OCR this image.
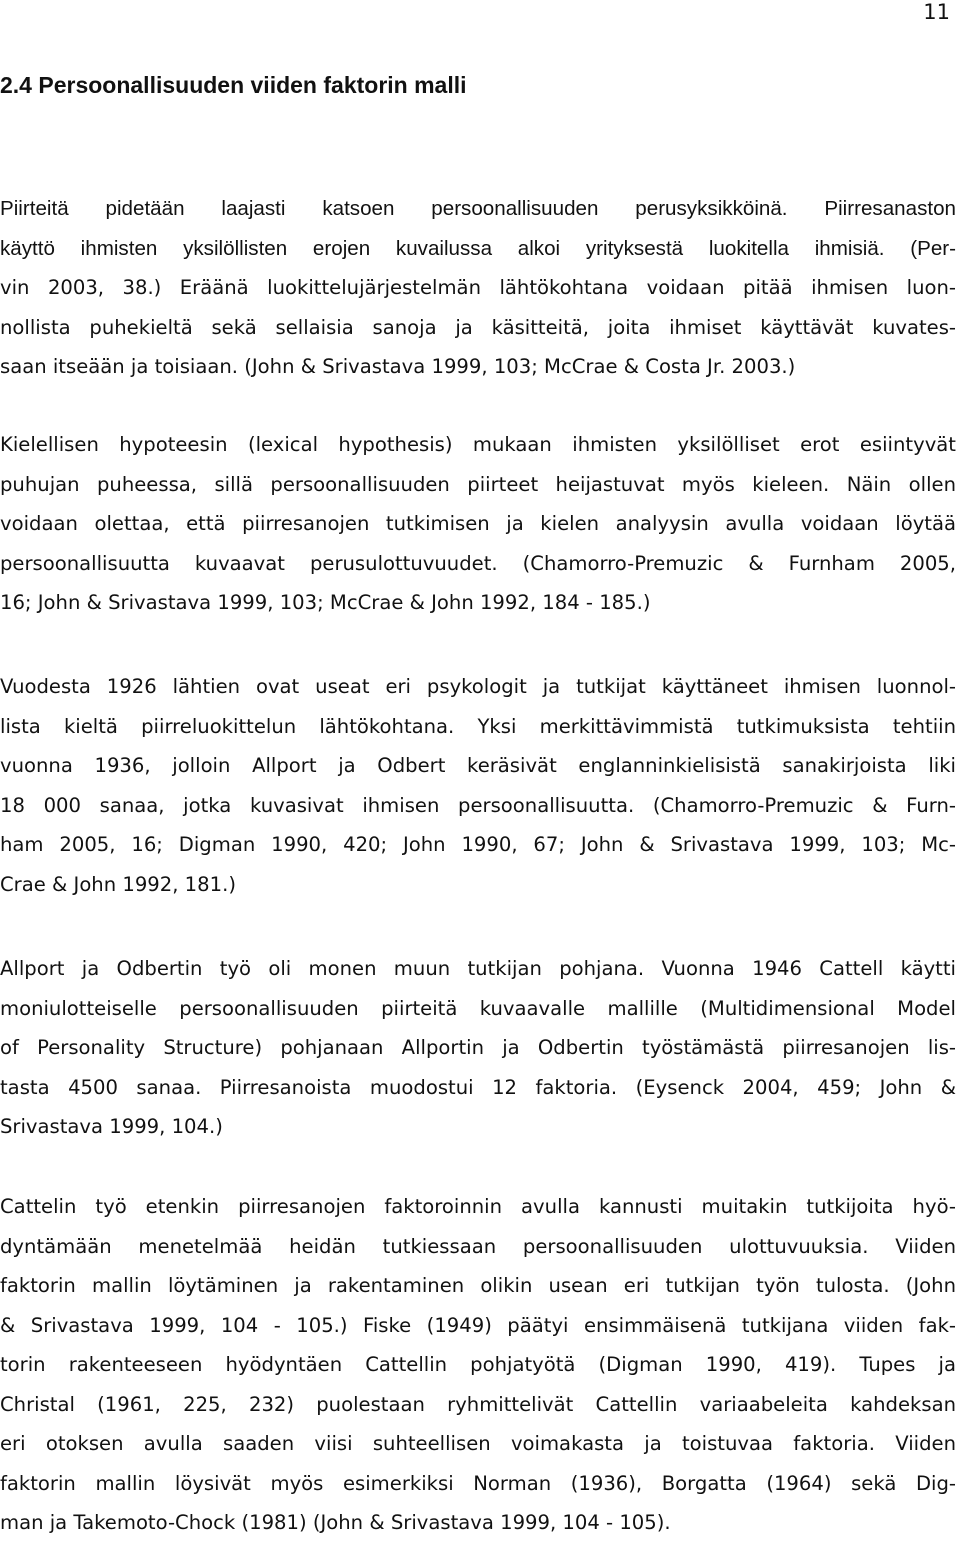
11
2.4 Persoonallisuuden viiden faktorin malli
Piirteitä pidetään laajasti katsoen persoonallisuuden perusyksikköinä. Piirresanaston
käyttö ihmisten yksilöllisten erojen kuvailussa alkoi yrityksestä luokitella ihmisiä. (Per-
vin 2003, 38.) Eräänä luokittelujärjestelmän lähtökohtana voidaan pitää ihmisen luon-
nollista puhekieltä sekä sellaisia sanoja ja käsitteitä, joita ihmiset käyttävät kuvates-
saan itseään ja toisiaan. (John & Srivastava 1999, 103; McCrae & Costa Jr. 2003.)
Kielellisen hypoteesin (lexical hypothesis) mukaan ihmisten yksilölliset erot esiintyvät
puhujan puheessa, sillä persoonallisuuden piirteet heijastuvat myös kieleen. Näin ollen
voidaan olettaa, että piirresanojen tutkimisen ja kielen analyysin avulla voidaan löytää
persoonallisuutta kuvaavat perusulottuvuudet. (Chamorro-Premuzic & Furnham 2005,
16; John & Srivastava 1999, 103; McCrae & John 1992, 184 - 185.)
Vuodesta 1926 lähtien ovat useat eri psykologit ja tutkijat käyttäneet ihmisen luonnol-
lista kieltä piirreluokittelun lähtökohtana. Yksi merkittävimmistä tutkimuksista tehtiin
vuonna 1936, jolloin Allport ja Odbert keräsivät englanninkielisistä sanakirjoista liki
18 000 sanaa, jotka kuvasivat ihmisen persoonallisuutta. (Chamorro-Premuzic & Furn-
ham 2005, 16; Digman 1990, 420; John 1990, 67; John & Srivastava 1999, 103; Mc-
Crae & John 1992, 181.)
Allport ja Odbertin työ oli monen muun tutkijan pohjana. Vuonna 1946 Cattell käytti
moniulotteiselle persoonallisuuden piirteitä kuvaavalle mallille (Multidimensional Model
of Personality Structure) pohjanaan Allportin ja Odbertin työstämästä piirresanojen lis-
tasta 4500 sanaa. Piirresanoista muodostui 12 faktoria. (Eysenck 2004, 459; John &
Srivastava 1999, 104.)
Cattelin työ etenkin piirresanojen faktoroinnin avulla kannusti muitakin tutkijoita hyö-
dyntämään menetelmää heidän tutkiessaan persoonallisuuden ulottuvuuksia. Viiden
faktorin mallin löytäminen ja rakentaminen olikin usean eri tutkijan työn tulosta. (John
& Srivastava 1999, 104 - 105.) Fiske (1949) päätyi ensimmäisenä tutkijana viiden fak-
torin rakenteeseen hyödyntäen Cattellin pohjatyötä (Digman 1990, 419). Tupes ja
Christal (1961, 225, 232) puolestaan ryhmittelivät Cattellin variaabeleita kahdeksan
eri otoksen avulla saaden viisi suhteellisen voimakasta ja toistuvaa faktoria. Viiden
faktorin mallin löysivät myös esimerkiksi Norman (1936), Borgatta (1964) sekä Dig-
man ja Takemoto-Chock (1981) (John & Srivastava 1999, 104 - 105).
